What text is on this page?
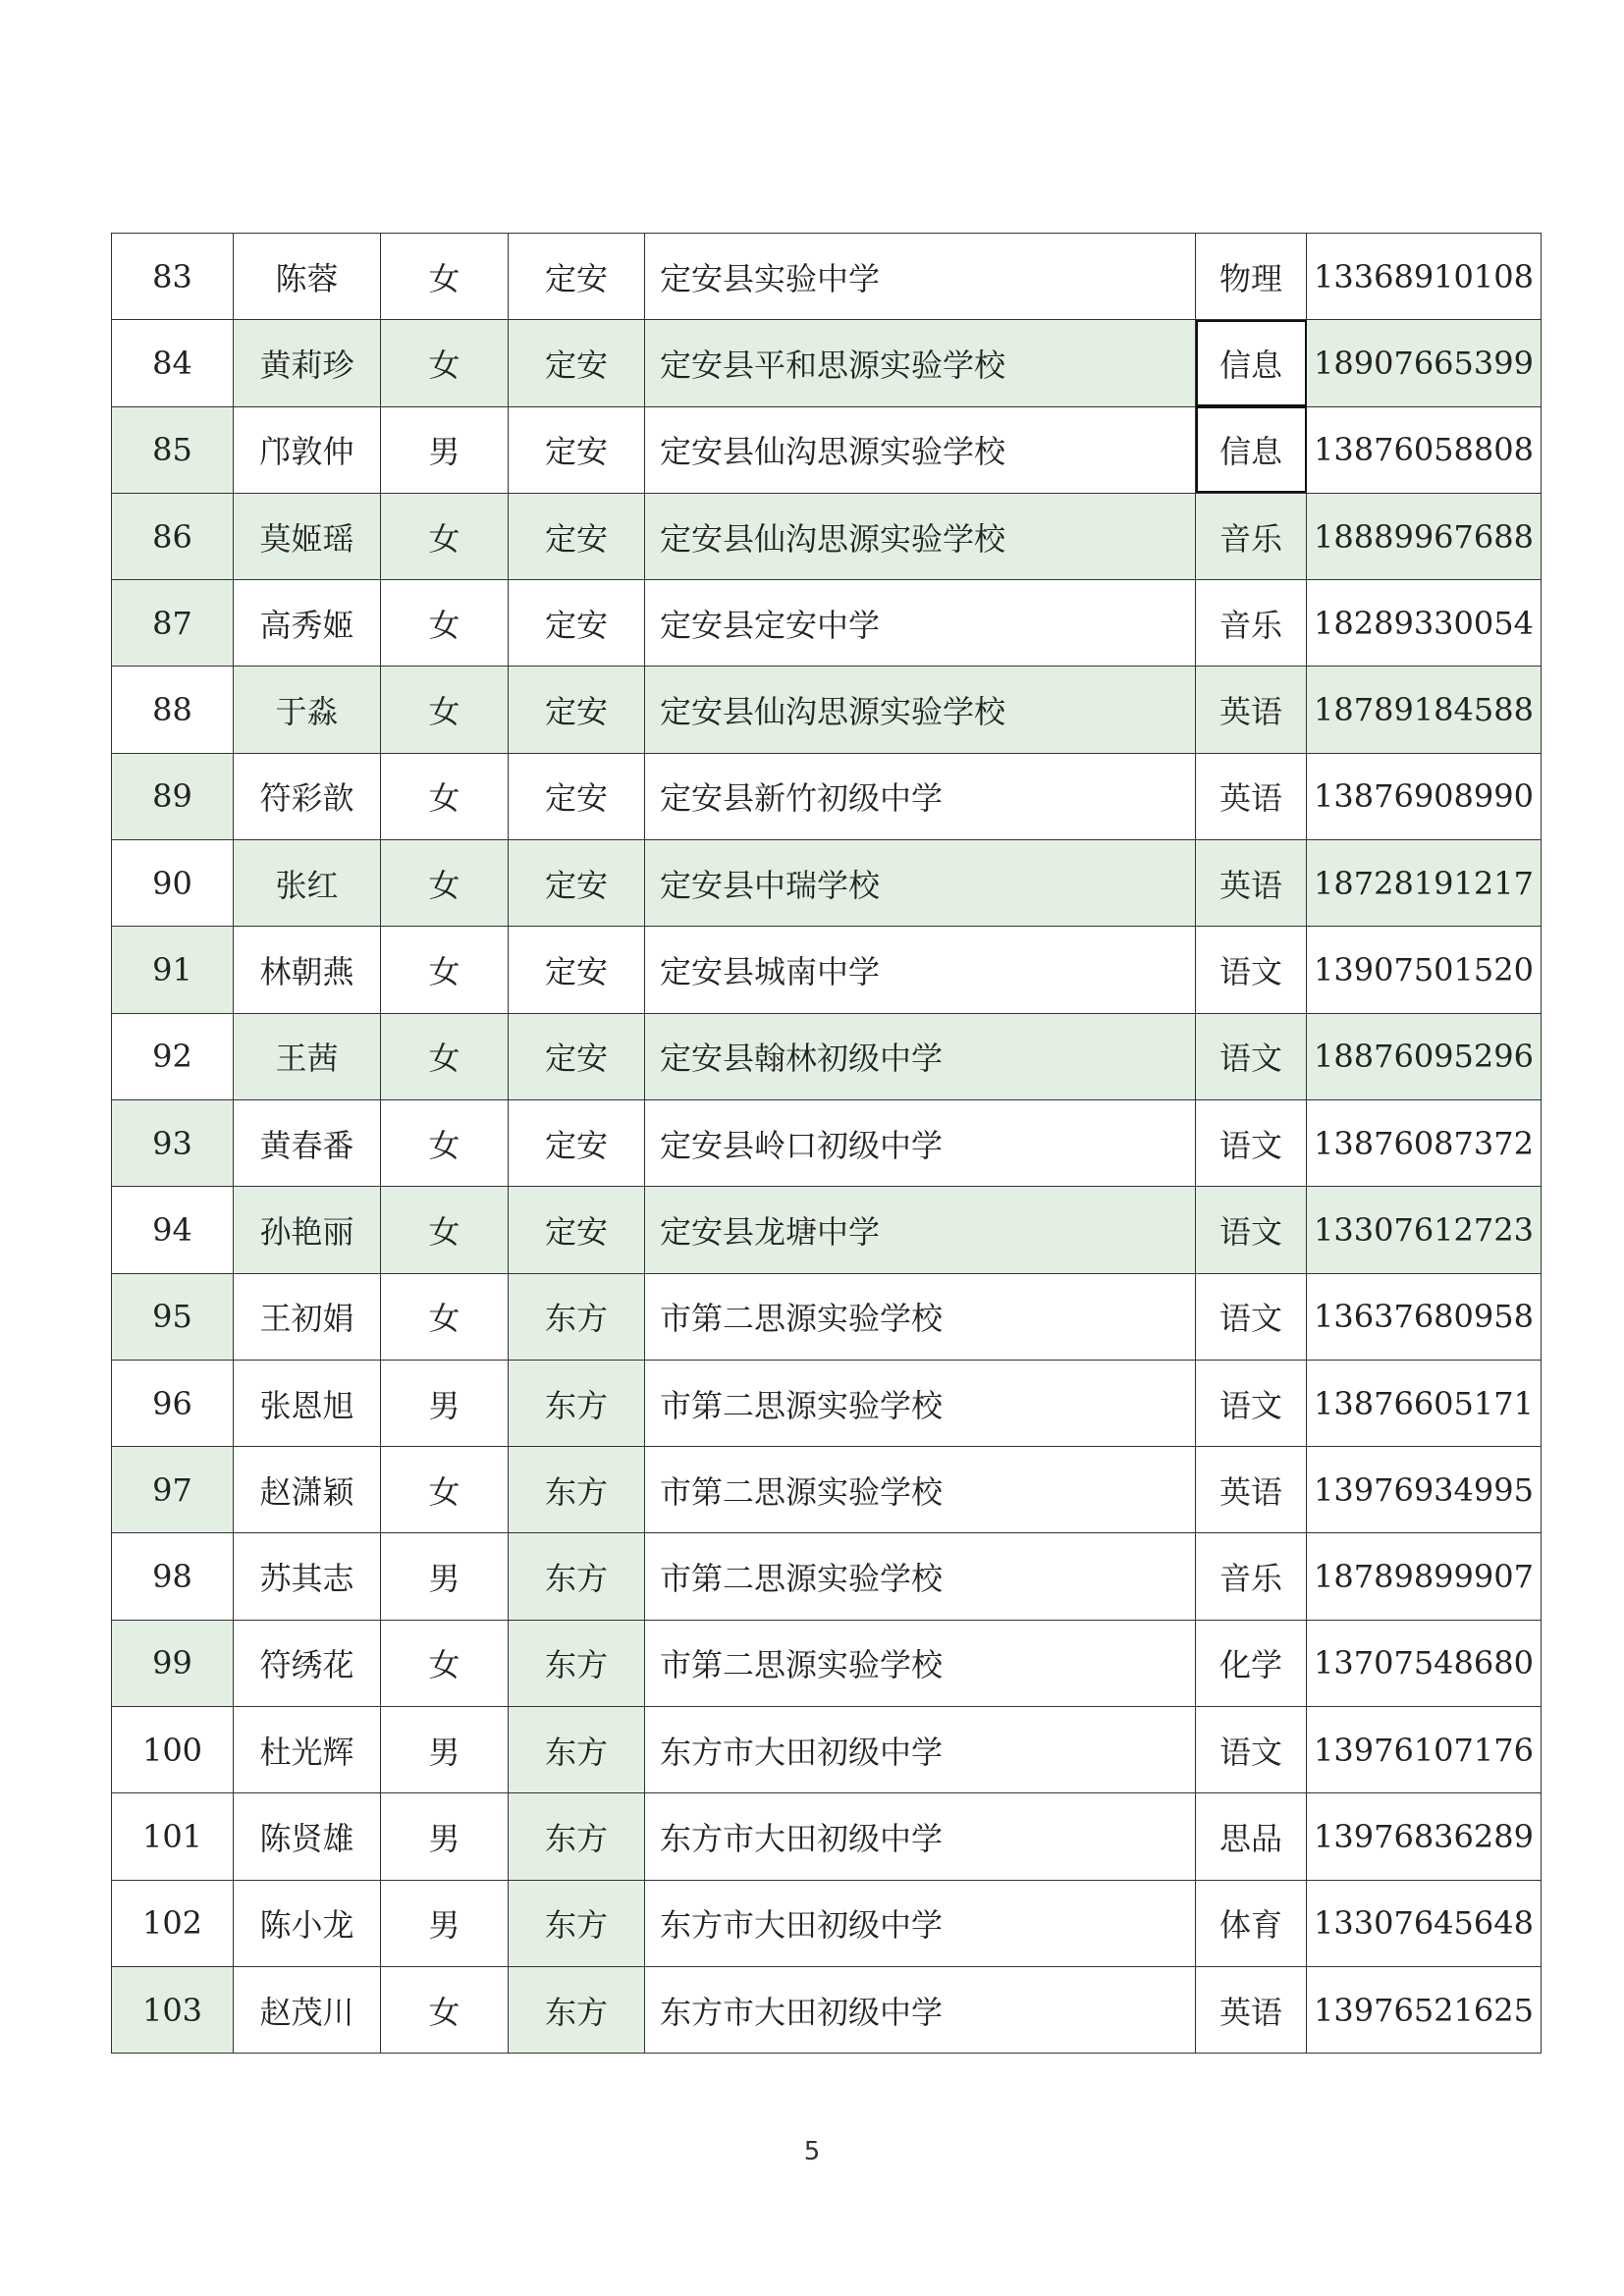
83	陈蓉	女	定安	定安县实验中学	物理	13368910108
84	黄莉珍	女	定安	定安县平和思源实验学校	信息	18907665399
85	邝敦仲	男	定安	定安县仙沟思源实验学校	信息	13876058808
86	莫姬瑶	女	定安	定安县仙沟思源实验学校	音乐	18889967688
87	高秀姬	女	定安	定安县定安中学	音乐	18289330054
88	于淼	女	定安	定安县仙沟思源实验学校	英语	18789184588
89	符彩歆	女	定安	定安县新竹初级中学	英语	13876908990
90	张红	女	定安	定安县中瑞学校	英语	18728191217
91	林朝燕	女	定安	定安县城南中学	语文	13907501520
92	王茜	女	定安	定安县翰林初级中学	语文	18876095296
93	黄春番	女	定安	定安县岭口初级中学	语文	13876087372
94	孙艳丽	女	定安	定安县龙塘中学	语文	13307612723
95	王初娟	女	东方	市第二思源实验学校	语文	13637680958
96	张恩旭	男	东方	市第二思源实验学校	语文	13876605171
97	赵潇颖	女	东方	市第二思源实验学校	英语	13976934995
98	苏其志	男	东方	市第二思源实验学校	音乐	18789899907
99	符绣花	女	东方	市第二思源实验学校	化学	13707548680
100	杜光辉	男	东方	东方市大田初级中学	语文	13976107176
101	陈贤雄	男	东方	东方市大田初级中学	思品	13976836289
102	陈小龙	男	东方	东方市大田初级中学	体育	13307645648
103	赵茂川	女	东方	东方市大田初级中学	英语	13976521625
5
